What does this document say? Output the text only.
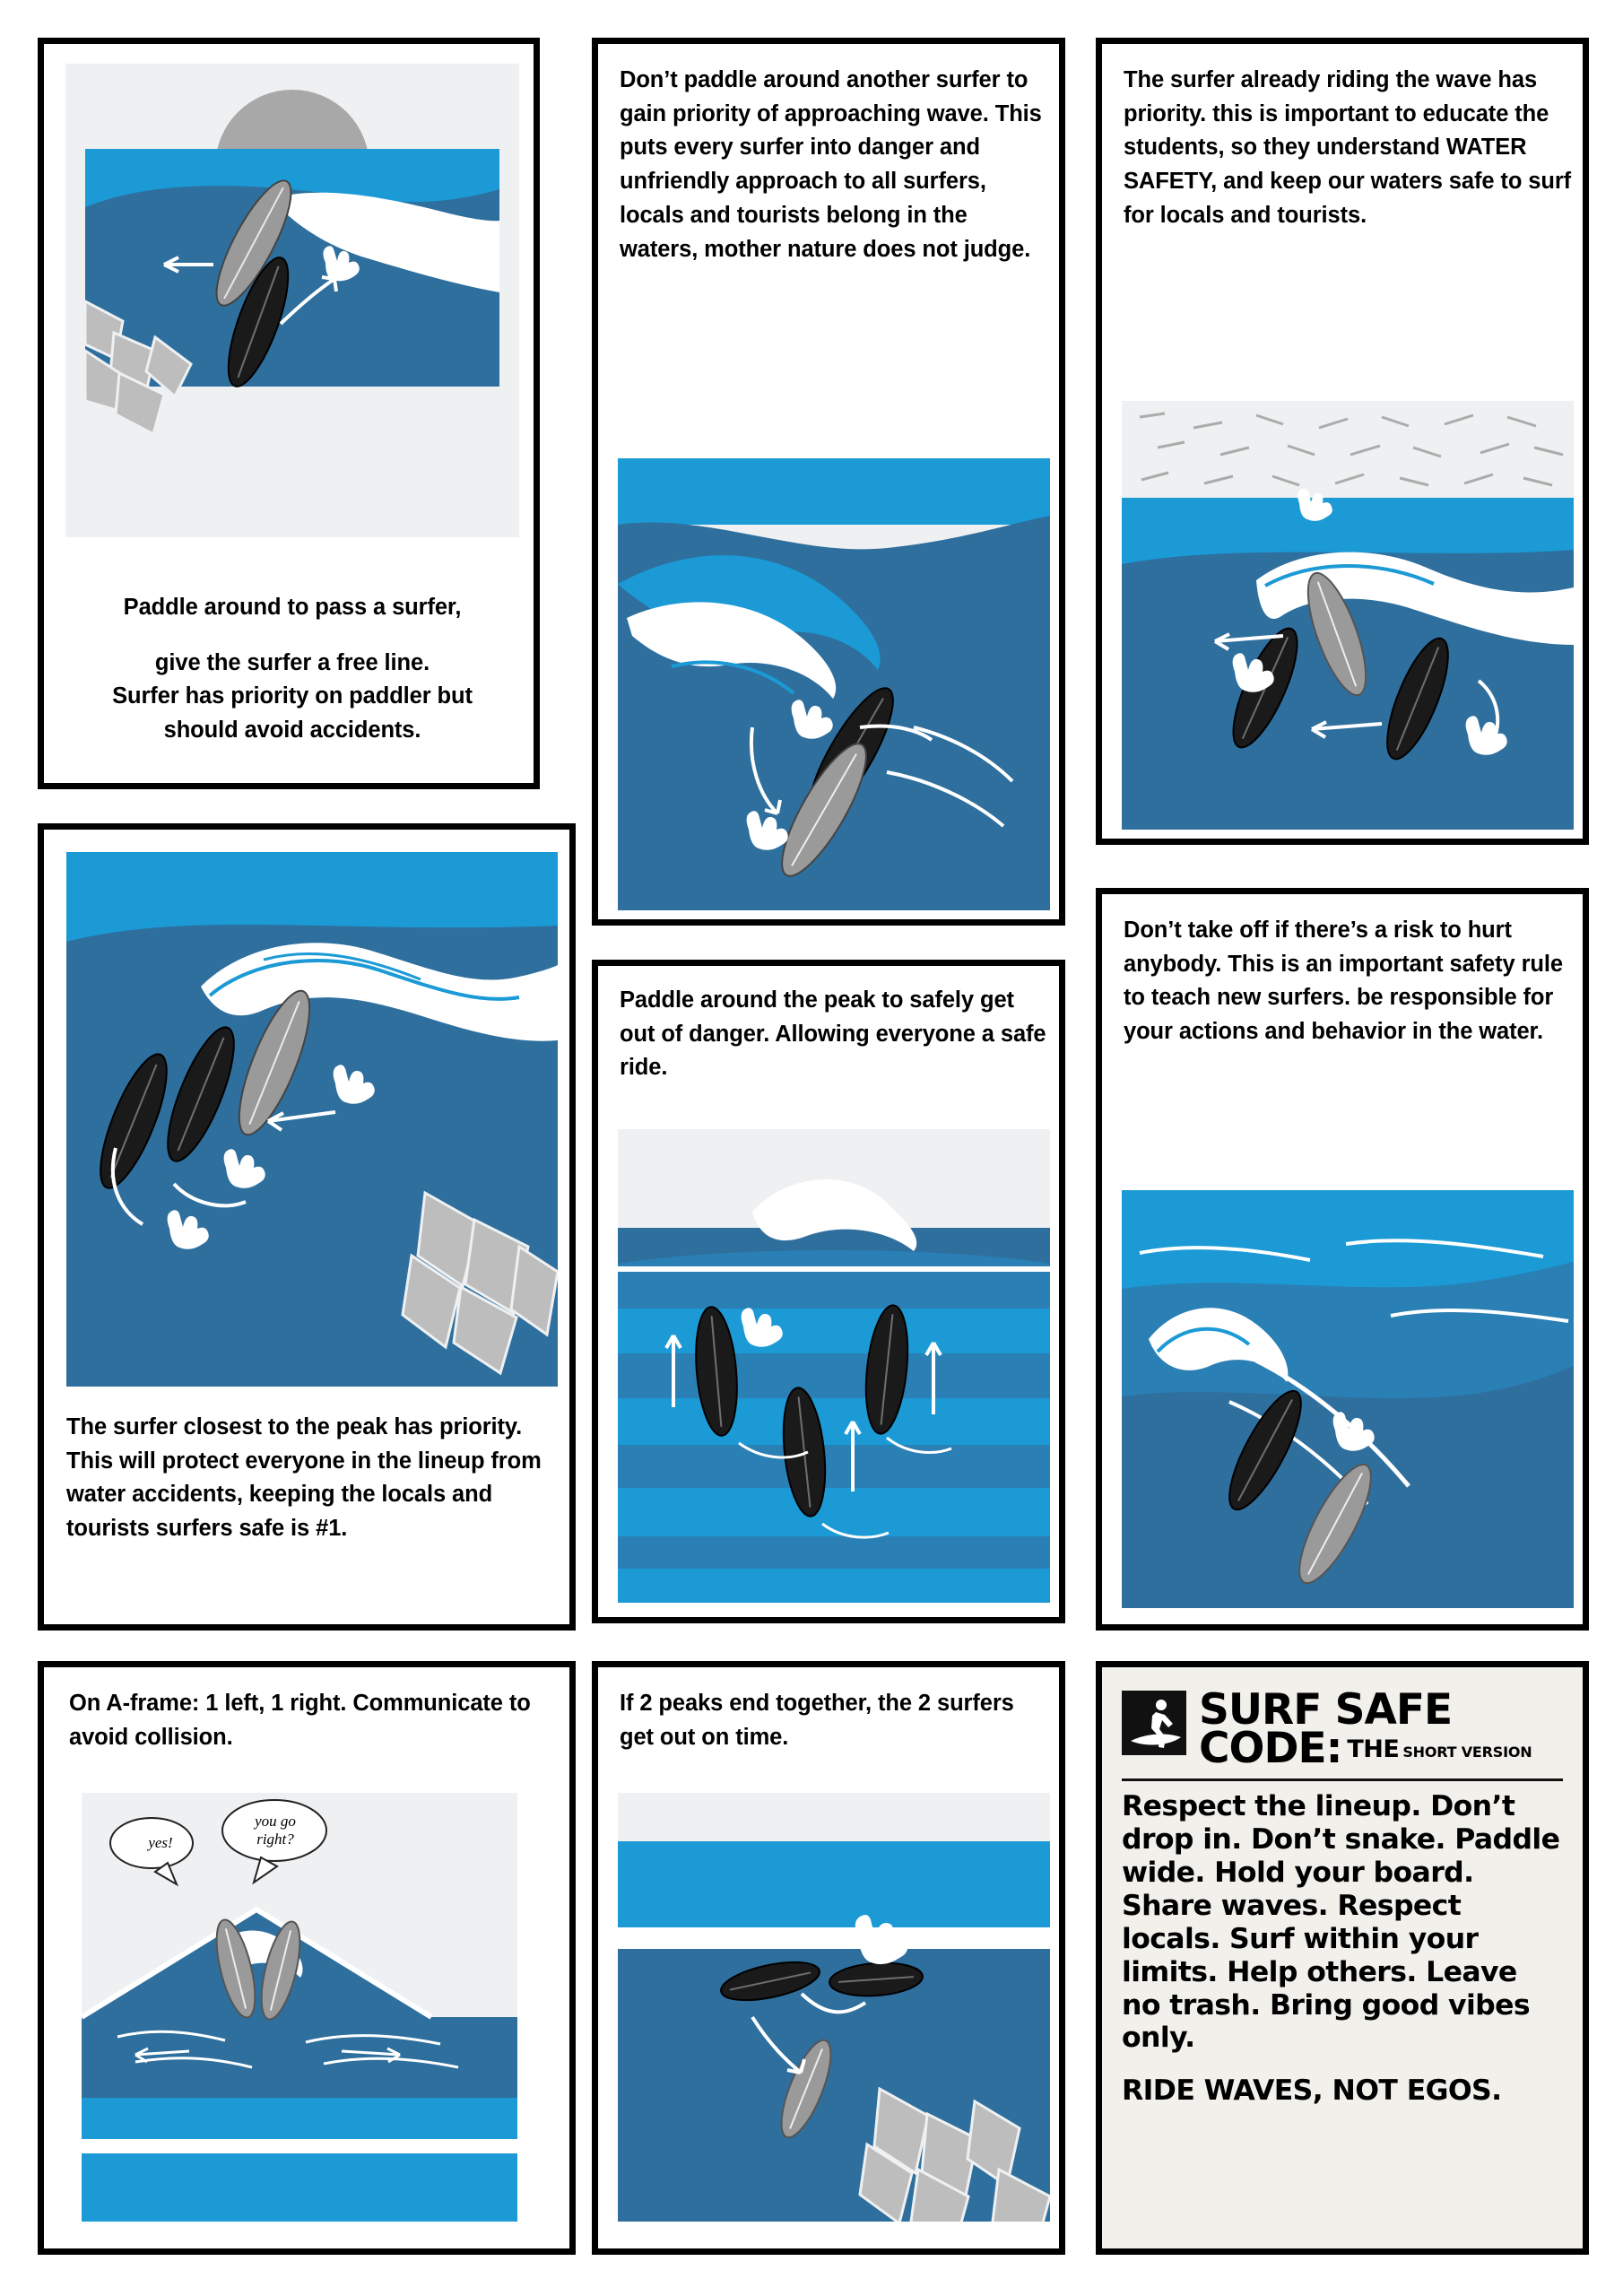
Paddle around to pass a surfer,
give the surfer a free line.
Surfer has priority on paddler but
should avoid accidents.
The surfer closest to the peak has priority. This will protect everyone in the lineup from water accidents, keeping the locals and tourists surfers safe is #1.
On A-frame: 1 left, 1 right. Communicate to avoid collision.
yes!
you go right?
Don’t paddle around another surfer to gain priority of approaching wave. This puts every surfer into danger and unfriendly approach to all surfers, locals and tourists belong in the waters, mother nature does not judge.
Paddle around the peak to safely get out of danger. Allowing everyone a safe ride.
If 2 peaks end together, the 2 surfers get out on time.
The surfer already riding the wave has priority. this is important to educate the students, so they understand WATER SAFETY, and keep our waters safe to surf for locals and tourists.
Don’t take off if there’s a risk to hurt anybody. This is an important safety rule to teach new surfers. be responsible for your actions and behavior in the water.
SURF SAFE
CODE: THE SHORT VERSION

Respect the lineup. Don’t drop in. Don’t snake. Paddle wide. Hold your board. Share waves. Respect locals. Surf within your limits. Help others. Leave no trash. Bring good vibes only.

RIDE WAVES, NOT EGOS.
